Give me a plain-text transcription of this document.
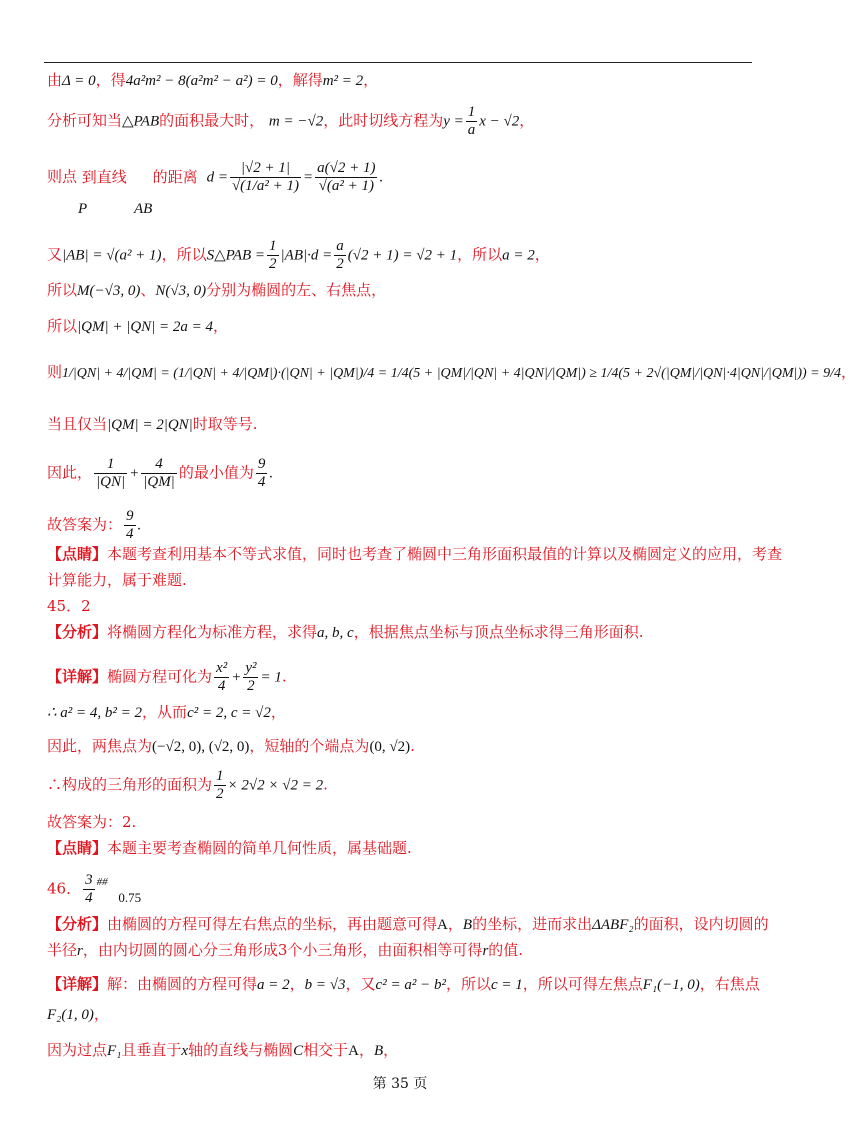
由Δ = 0，得4a²m² − 8(a²m² − a²) = 0，解得m² = 2，
分析可知当△PAB的面积最大时， m = −√2，此时切线方程为$y = \frac{1}{a}$ x − √2，
则点 到直线 的距离 $d = \frac{|√2 + 1|}{\text{√(1/a² + 1)}} = \frac{a(√2 + 1)}{\text{√(a² + 1)}}$ .
P	AB
又|AB| = √(a² + 1)，所以S△PAB = $\frac{1}{2} |AB|\cdot d = \frac{a}{2} (√2 + 1) = √2 + 1$，所以a = 2，
所以M(−√3, 0)、N(√3, 0)分别为椭圆的左、右焦点，
所以|QM| + |QN| = 2a = 4，
则1/|QN| + 4/|QM| = (1/|QN| + 4/|QM|)·(|QN| + |QM|)/4 = 1/4(5 + |QM|/|QN| + 4|QN|/|QM|) ≥ 1/4(5 + 2√(|QM|/|QN|·4|QN|/|QM|)) = 9/4，
当且仅当|QM| = 2|QN|时取等号.
因此， $\frac{1}{|QN|} + \frac{4}{|QM|}$ 的最小值为 $\frac{9}{4}$ .
故答案为： $\frac{9}{4}$ .
【点睛】本题考查利用基本不等式求值，同时也考查了椭圆中三角形面积最值的计算以及椭圆定义的应用，考查
计算能力，属于难题.
45．2
【分析】将椭圆方程化为标准方程，求得a, b, c，根据焦点坐标与顶点坐标求得三角形面积.
【详解】椭圆方程可化为 $\frac{\text{x²}}{4} + \frac{\text{y²}}{2} = 1$.
∴ a² = 4, b² = 2，从而c² = 2, c = √2，
因此，两焦点为(−√2, 0), (√2, 0)，短轴的个端点为(0, √2).
∴构成的三角形的面积为 $\frac{1}{2} \times 2√2 \times √2 = 2$.
故答案为：2.
【点睛】本题主要考查椭圆的简单几何性质，属基础题.
46． $\frac{3}{4} ^{\#\#}$ 0.75
【分析】由椭圆的方程可得左右焦点的坐标，再由题意可得A，B的坐标，进而求出ΔABF₂的面积，设内切圆的
半径r，由内切圆的圆心分三角形成3个小三角形，由面积相等可得r的值.
【详解】解：由椭圆的方程可得a = 2，b = √3，又c² = a² − b²，所以c = 1，所以可得左焦点F₁(−1, 0)，右焦点
F₂(1, 0)，
因为过点F₁且垂直于x轴的直线与椭圆C相交于A，B，
第 35 页
